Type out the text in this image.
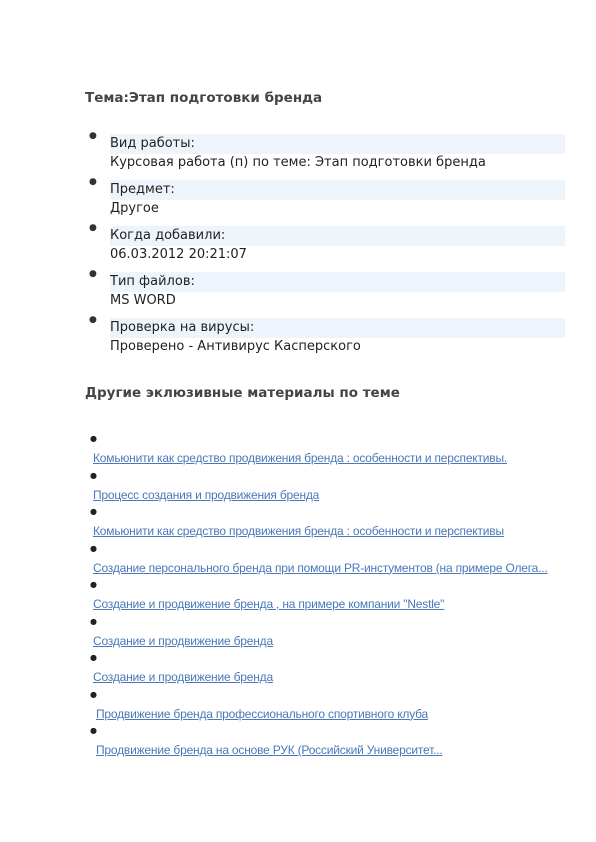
Тема:Этап подготовки бренда
● Вид работы:
Курсовая работа (п) по теме: Этап подготовки бренда
● Предмет:
Другое
● Когда добавили:
06.03.2012 20:21:07
● Тип файлов:
MS WORD
● Проверка на вирусы:
Проверено - Антивирус Касперского
Другие эклюзивные материалы по теме
●
Комьюнити как средство продвижения бренда : особенности и перспективы.
●
Процесс создания и продвижения бренда
●
Комьюнити как средство продвижения бренда : особенности и перспективы
●
Создание персонального бренда при помощи PR-инстументов (на примере Олега...
●
Создание и продвижение бренда , на примере компании "Nestle"
●
Создание и продвижение бренда
●
Создание и продвижение бренда
●
Продвижение бренда профессионального спортивного клуба
●
Продвижение бренда на основе РУК (Российский Университет...
